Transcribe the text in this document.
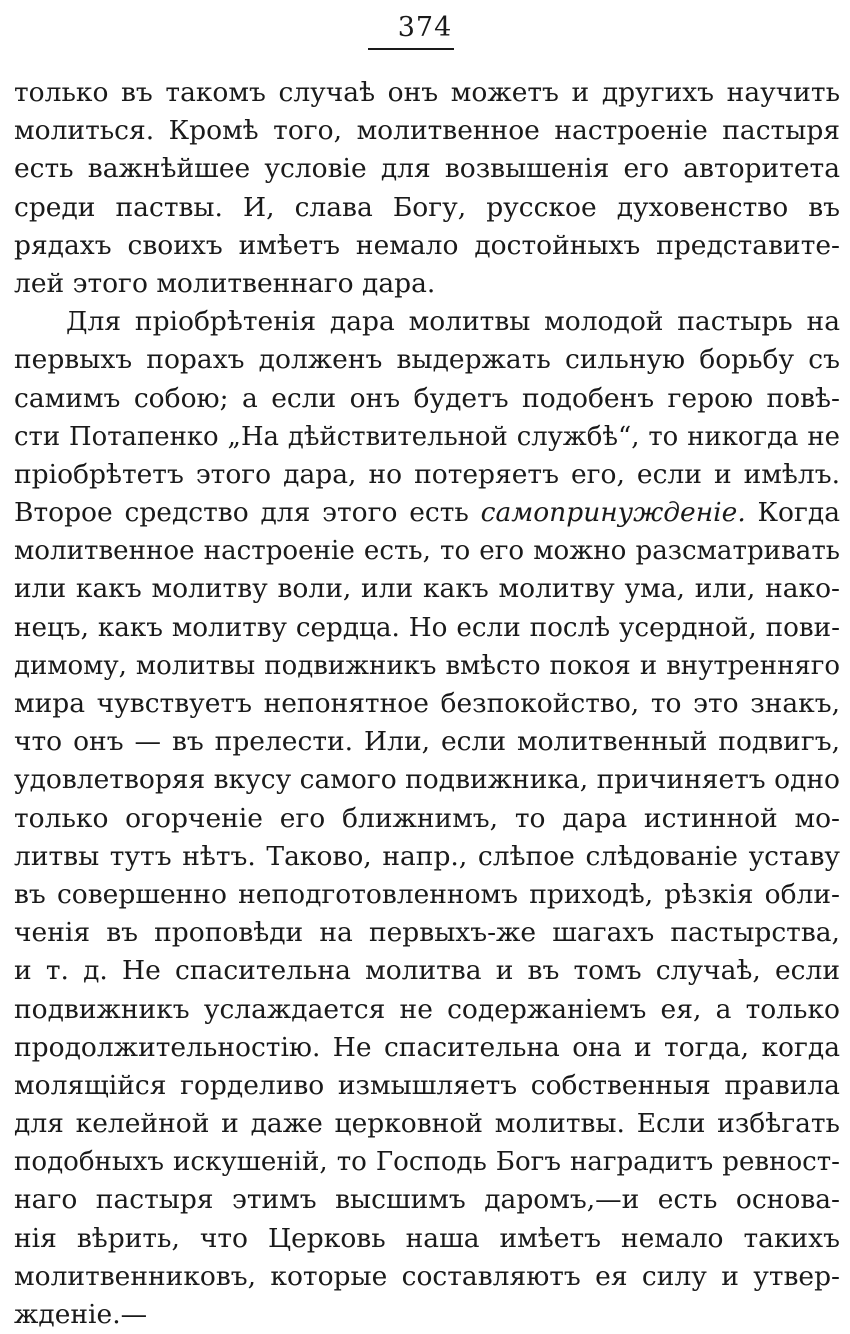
374
только въ такомъ случаѣ онъ можетъ и другихъ научить
молиться. Кромѣ того, молитвенное настроеніе пастыря
есть важнѣйшее условіе для возвышенія его авторитета
среди паствы. И, слава Богу, русское духовенство въ
рядахъ своихъ имѣетъ немало достойныхъ представите-
лей этого молитвеннаго дара.
Для пріобрѣтенія дара молитвы молодой пастырь на
первыхъ порахъ долженъ выдержать сильную борьбу съ
самимъ собою; а если онъ будетъ подобенъ герою повѣ-
сти Потапенко „На дѣйствительной службѣ“, то никогда не
пріобрѣтетъ этого дара, но потеряетъ его, если и имѣлъ.
Второе средство для этого есть самопринужденіе. Когда
молитвенное настроеніе есть, то его можно разсматривать
или какъ молитву воли, или какъ молитву ума, или, нако-
нецъ, какъ молитву сердца. Но если послѣ усердной, пови-
димому, молитвы подвижникъ вмѣсто покоя и внутренняго
мира чувствуетъ непонятное безпокойство, то это знакъ,
что онъ — въ прелести. Или, если молитвенный подвигъ,
удовлетворяя вкусу самого подвижника, причиняетъ одно
только огорченіе его ближнимъ, то дара истинной мо-
литвы тутъ нѣтъ. Таково, напр., слѣпое слѣдованіе уставу
въ совершенно неподготовленномъ приходѣ, рѣзкія обли-
ченія въ проповѣди на первыхъ-же шагахъ пастырства,
и т. д. Не спасительна молитва и въ томъ случаѣ, если
подвижникъ услаждается не содержаніемъ ея, а только
продолжительностію. Не спасительна она и тогда, когда
молящійся горделиво измышляетъ собственныя правила
для келейной и даже церковной молитвы. Если избѣгать
подобныхъ искушеній, то Господь Богъ наградитъ ревност-
наго пастыря этимъ высшимъ даромъ,—и есть основа-
нія вѣрить, что Церковь наша имѣетъ немало такихъ
молитвенниковъ, которые составляютъ ея силу и утвер-
жденіе.—
